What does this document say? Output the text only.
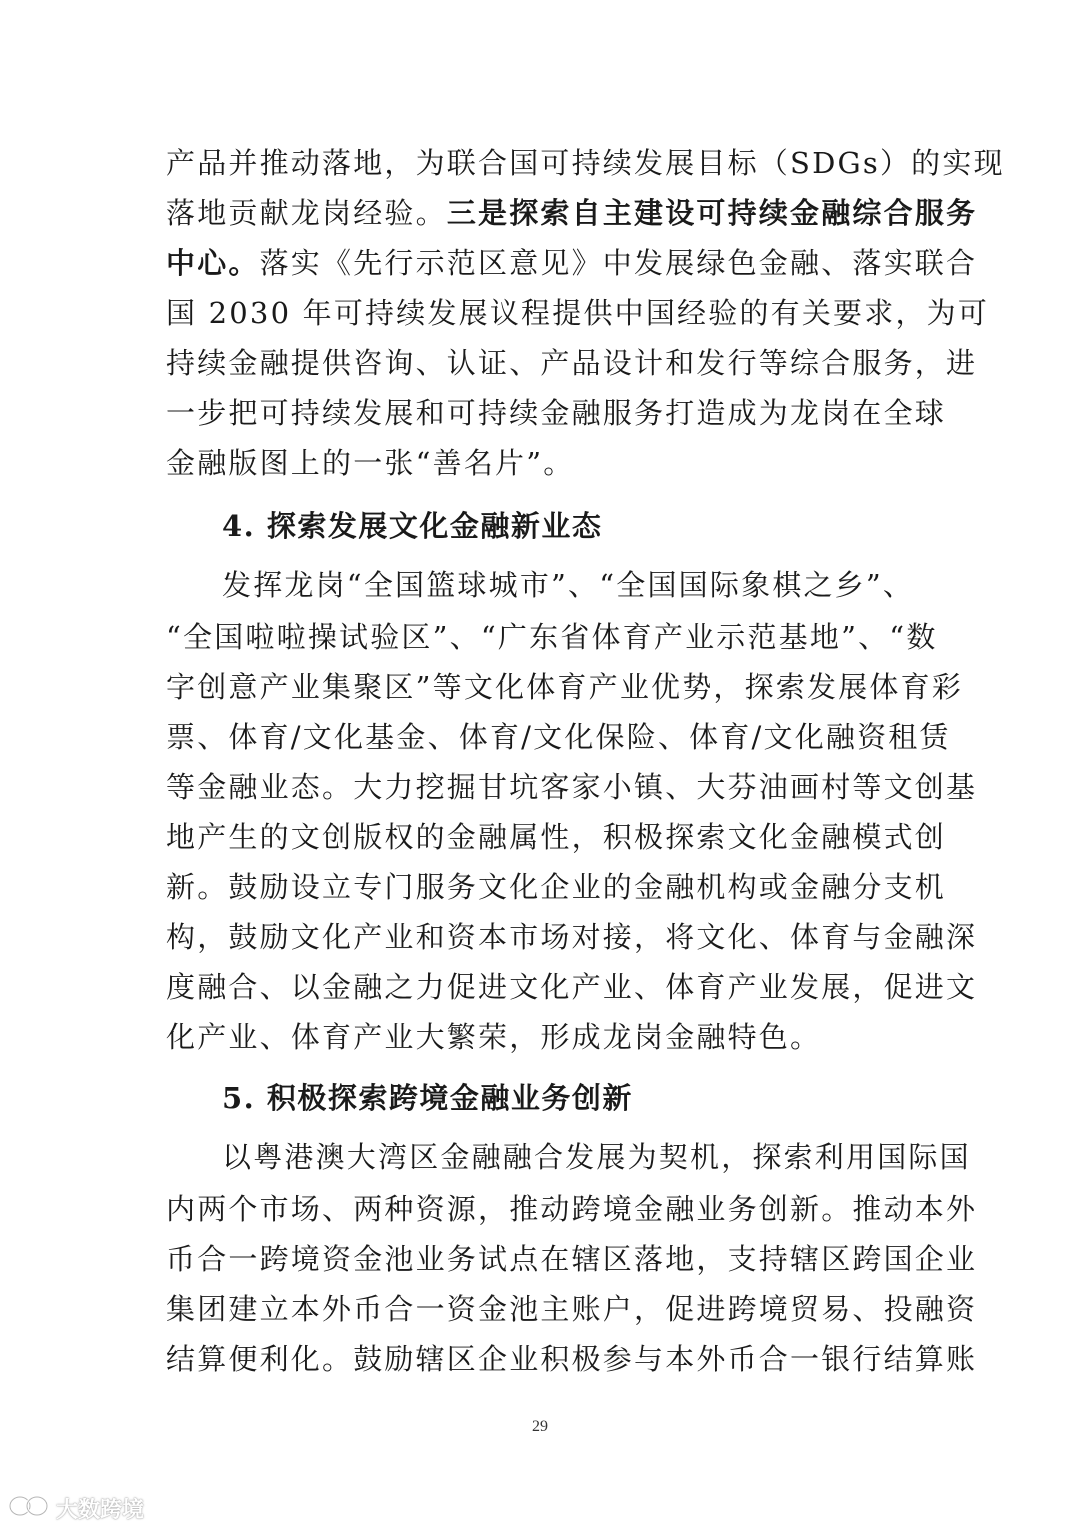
产品并推动落地，为联合国可持续发展目标（SDGs）的实现
落地贡献龙岗经验。三是探索自主建设可持续金融综合服务
中心。落实《先行示范区意见》中发展绿色金融、落实联合
国 2030 年可持续发展议程提供中国经验的有关要求，为可
持续金融提供咨询、认证、产品设计和发行等综合服务，进
一步把可持续发展和可持续金融服务打造成为龙岗在全球
金融版图上的一张“善名片”。
4. 探索发展文化金融新业态
发挥龙岗“全国篮球城市”、“全国国际象棋之乡”、
“全国啦啦操试验区”、“广东省体育产业示范基地”、“数
字创意产业集聚区”等文化体育产业优势，探索发展体育彩
票、体育/文化基金、体育/文化保险、体育/文化融资租赁
等金融业态。大力挖掘甘坑客家小镇、大芬油画村等文创基
地产生的文创版权的金融属性，积极探索文化金融模式创
新。鼓励设立专门服务文化企业的金融机构或金融分支机
构，鼓励文化产业和资本市场对接，将文化、体育与金融深
度融合、以金融之力促进文化产业、体育产业发展，促进文
化产业、体育产业大繁荣，形成龙岗金融特色。
5. 积极探索跨境金融业务创新
以粤港澳大湾区金融融合发展为契机，探索利用国际国
内两个市场、两种资源，推动跨境金融业务创新。推动本外
币合一跨境资金池业务试点在辖区落地，支持辖区跨国企业
集团建立本外币合一资金池主账户，促进跨境贸易、投融资
结算便利化。鼓励辖区企业积极参与本外币合一银行结算账
29
大数跨境
